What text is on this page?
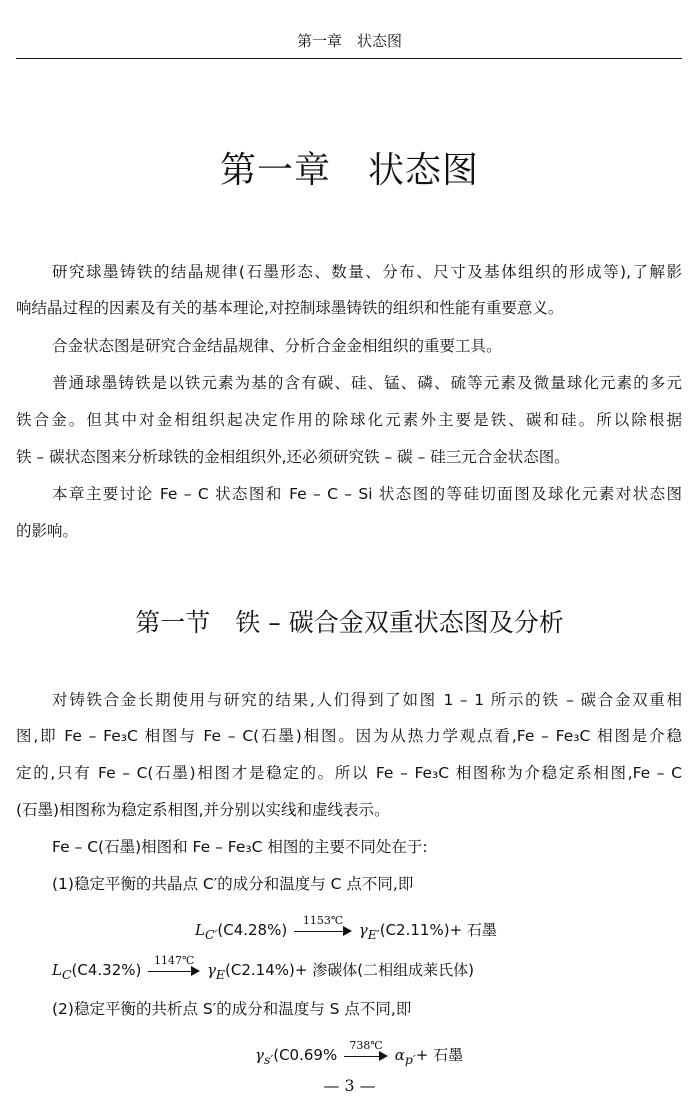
第一章　状态图
第一章　状态图
研究球墨铸铁的结晶规律(石墨形态、数量、分布、尺寸及基体组织的形成等),了解影
响结晶过程的因素及有关的基本理论,对控制球墨铸铁的组织和性能有重要意义。
合金状态图是研究合金结晶规律、分析合金金相组织的重要工具。
普通球墨铸铁是以铁元素为基的含有碳、硅、锰、磷、硫等元素及微量球化元素的多元
铁合金。但其中对金相组织起决定作用的除球化元素外主要是铁、碳和硅。所以除根据
铁 – 碳状态图来分析球铁的金相组织外,还必须研究铁 – 碳 – 硅三元合金状态图。
本章主要讨论 Fe – C 状态图和 Fe – C – Si 状态图的等硅切面图及球化元素对状态图
的影响。
第一节　铁 – 碳合金双重状态图及分析
对铸铁合金长期使用与研究的结果,人们得到了如图 1 – 1 所示的铁 – 碳合金双重相
图,即 Fe – Fe₃C 相图与 Fe – C(石墨)相图。因为从热力学观点看,Fe – Fe₃C 相图是介稳
定的,只有 Fe – C(石墨)相图才是稳定的。所以 Fe – Fe₃C 相图称为介稳定系相图,Fe – C
(石墨)相图称为稳定系相图,并分别以实线和虚线表示。
Fe – C(石墨)相图和 Fe – Fe₃C 相图的主要不同处在于:
(1)稳定平衡的共晶点 C′的成分和温度与 C 点不同,即
$L_{C'}(C4.28\%)$
1153℃
$\gamma_{E'}(C2.11\%)+$ 石墨
$L_C(C4.32\%)$
1147℃
$\gamma_E(C2.14\%)+$ 渗碳体(二相组成莱氏体)
(2)稳定平衡的共析点 S′的成分和温度与 S 点不同,即
$\gamma_{s'}(C0.69\%$
738℃
$\alpha_{p'}+$ 石墨
— 3 —
